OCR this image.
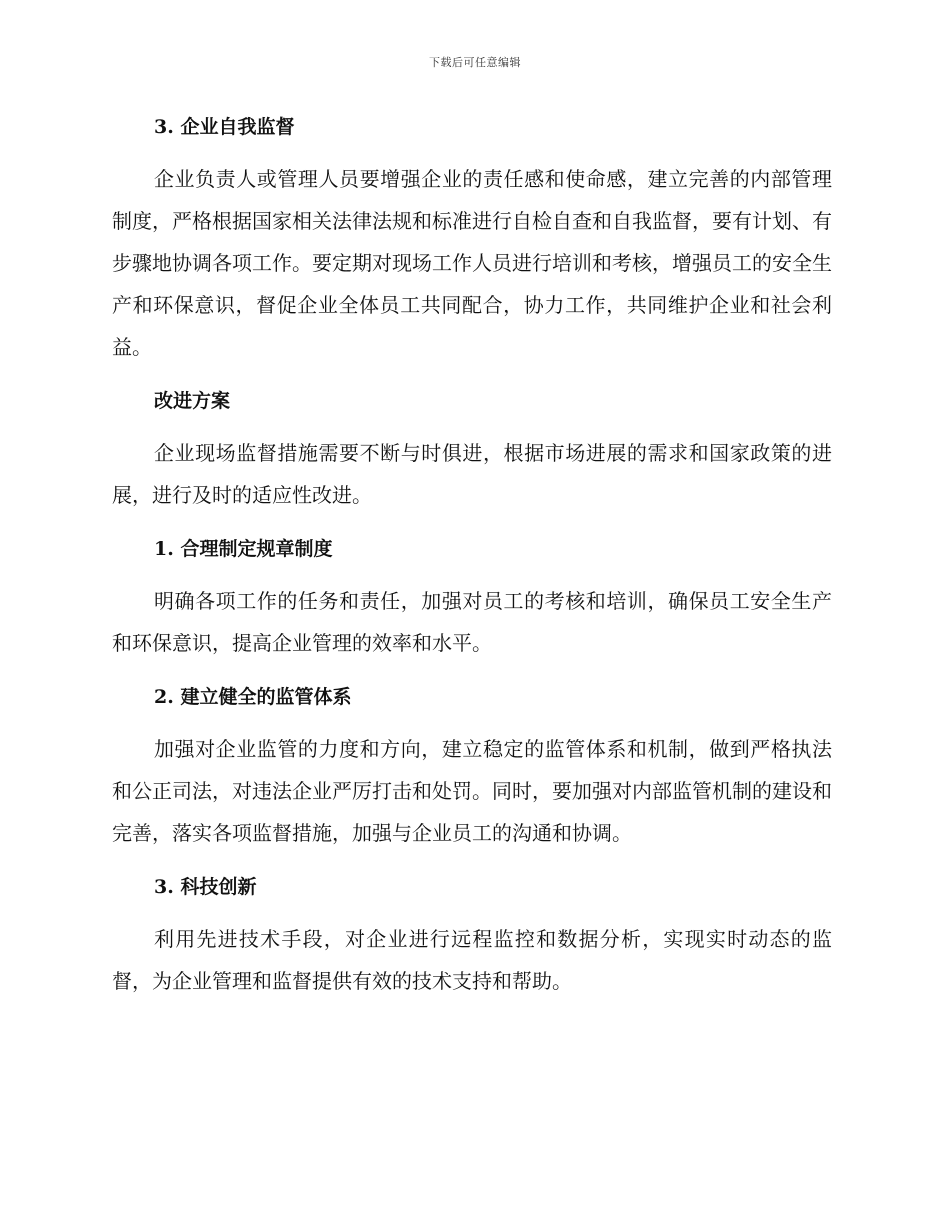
下载后可任意编辑
3. 企业自我监督

企业负责人或管理人员要增强企业的责任感和使命感，建立完善的内部管理制度，严格根据国家相关法律法规和标准进行自检自查和自我监督，要有计划、有步骤地协调各项工作。要定期对现场工作人员进行培训和考核，增强员工的安全生产和环保意识，督促企业全体员工共同配合，协力工作，共同维护企业和社会利益。

改进方案

企业现场监督措施需要不断与时俱进，根据市场进展的需求和国家政策的进展，进行及时的适应性改进。

1. 合理制定规章制度

明确各项工作的任务和责任，加强对员工的考核和培训，确保员工安全生产和环保意识，提高企业管理的效率和水平。

2. 建立健全的监管体系

加强对企业监管的力度和方向，建立稳定的监管体系和机制，做到严格执法和公正司法，对违法企业严厉打击和处罚。同时，要加强对内部监管机制的建设和完善，落实各项监督措施，加强与企业员工的沟通和协调。

3. 科技创新

利用先进技术手段，对企业进行远程监控和数据分析，实现实时动态的监督，为企业管理和监督提供有效的技术支持和帮助。
